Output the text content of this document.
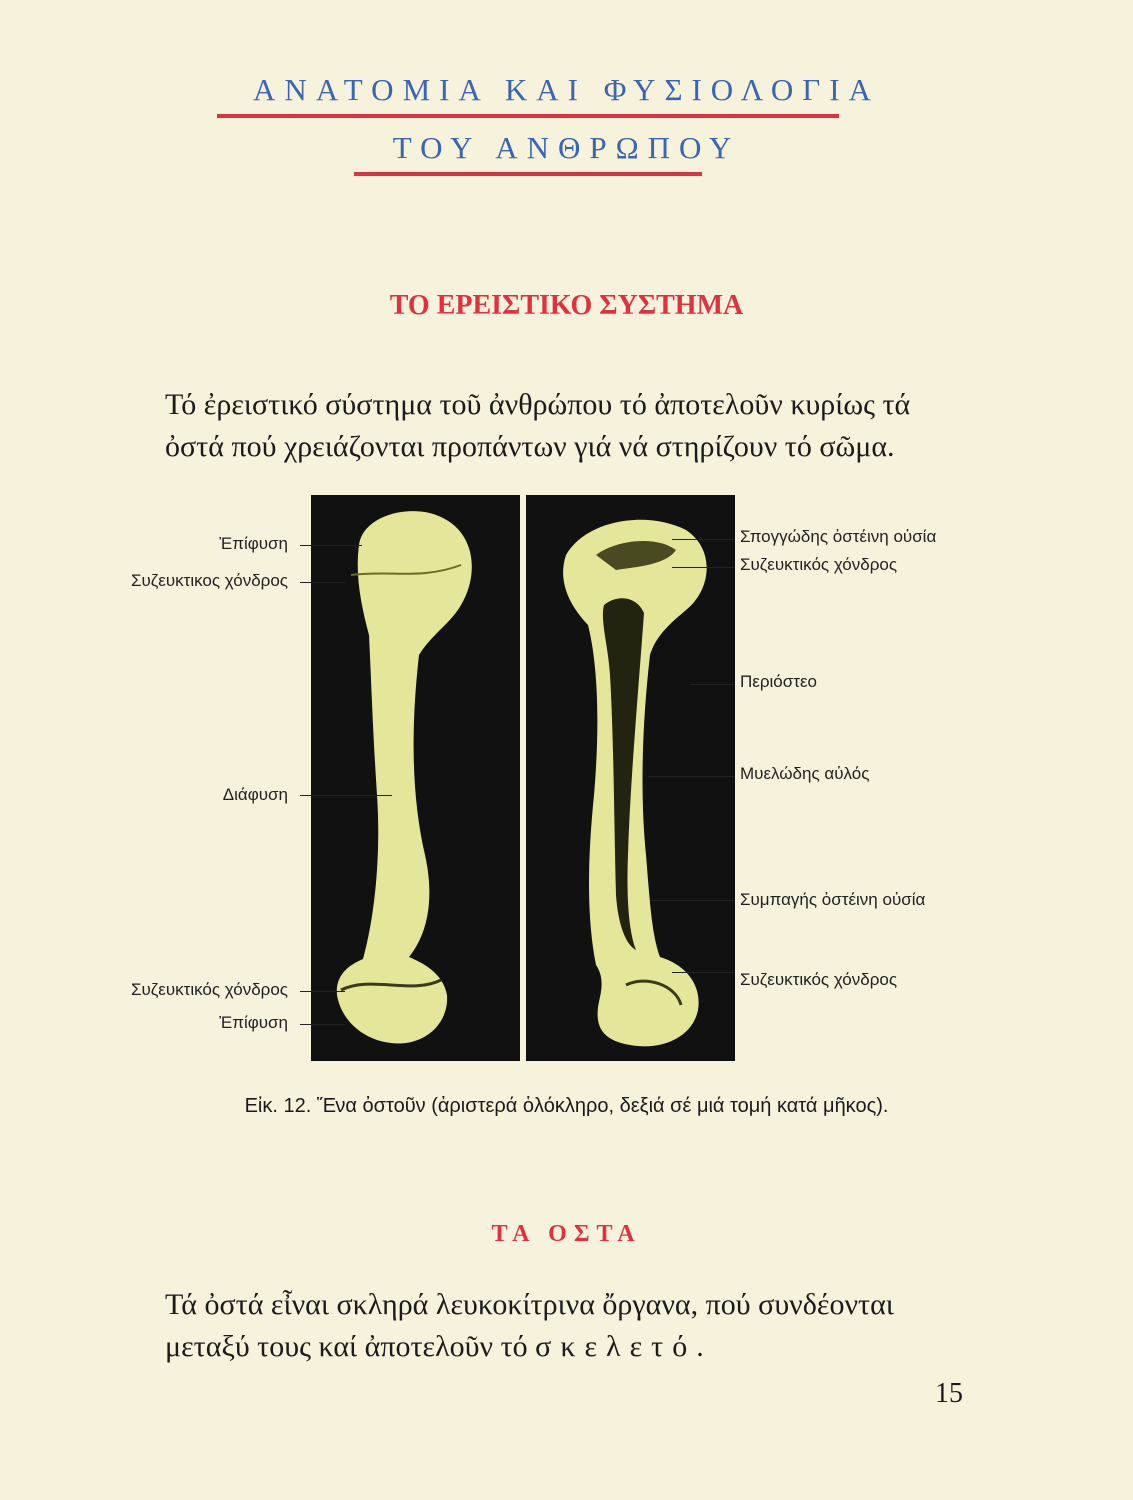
ΑΝΑΤΟΜΙΑ ΚΑΙ ΦΥΣΙΟΛΟΓΙΑ
ΤΟΥ ΑΝΘΡΩΠΟΥ
ΤΟ ΕΡΕΙΣΤΙΚΟ ΣΥΣΤΗΜΑ

Τό ἐρειστικό σύστημα τοῦ ἀνθρώπου τό ἀποτελοῦν κυρίως τά

ὀστά πού χρειάζονται προπάντων γιά νά στηρίζουν τό σῶμα.

Ἐπίφυση
Συζευκτικος χόνδρος
Διάφυση
Συζευκτικός χόνδρος
Ἐπίφυση
Σπογγώδης ὀστέινη οὐσία
Συζευκτικός χόνδρος
Περιόστεο
Μυελώδης αὐλός
Συμπαγής ὀστέινη οὐσία
Συζευκτικός χόνδρος
Εἰκ. 12. Ἕνα ὀστοῦν (ἀριστερά ὁλόκληρο, δεξιά σέ μιά τομή κατά μῆκος).
ΤΑ ΟΣΤΑ

Τά ὀστά εἶναι σκληρά λευκοκίτρινα ὄργανα, πού συνδέονται

μεταξύ τους καί ἀποτελοῦν τό σκελετό.

15
